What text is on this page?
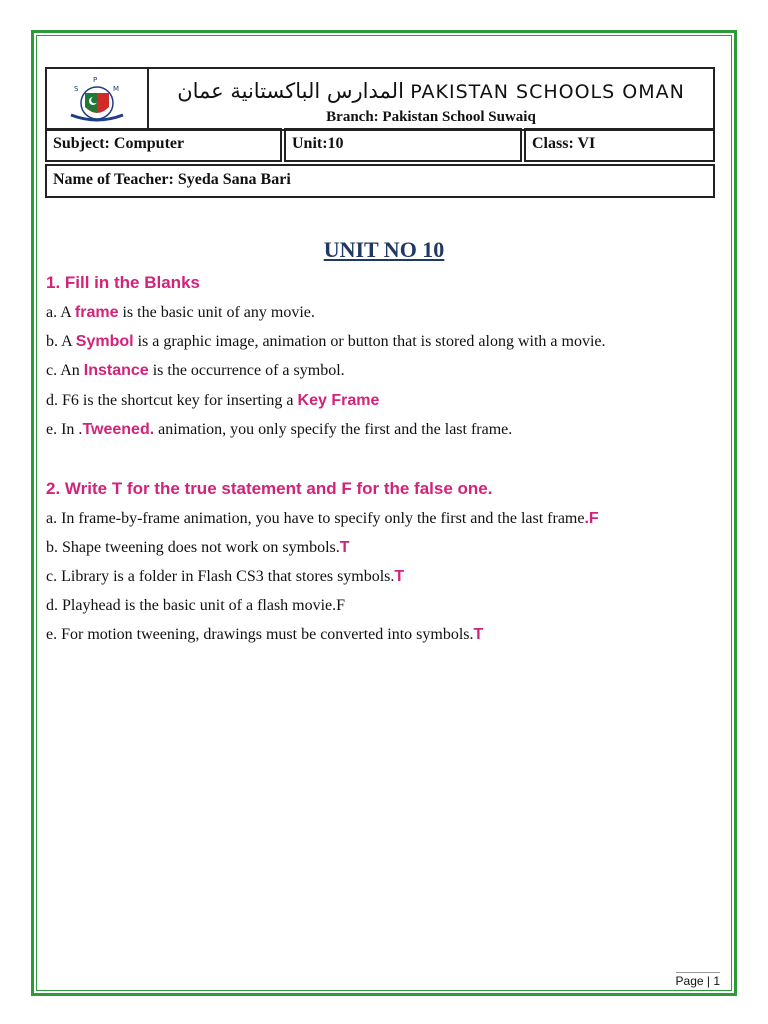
P
S	M	المدارس الباكستانية عمان PAKISTAN SCHOOLS OMAN
Branch: Pakistan School Suwaiq
Subject: Computer	Unit:10	Class: VI
Name of Teacher: Syeda Sana Bari
UNIT NO 10
1. Fill in the Blanks
a. A frame is the basic unit of any movie.
b. A Symbol is a graphic image, animation or button that is stored along with a movie.
c. An Instance is the occurrence of a symbol.
d. F6 is the shortcut key for inserting a Key Frame
e. In .Tweened. animation, you only specify the first and the last frame.
2. Write T for the true statement and F for the false one.
a. In frame-by-frame animation, you have to specify only the first and the last frame.F
b. Shape tweening does not work on symbols.T
c. Library is a folder in Flash CS3 that stores symbols.T
d. Playhead is the basic unit of a flash movie.F
e. For motion tweening, drawings must be converted into symbols.T
Page | 1
